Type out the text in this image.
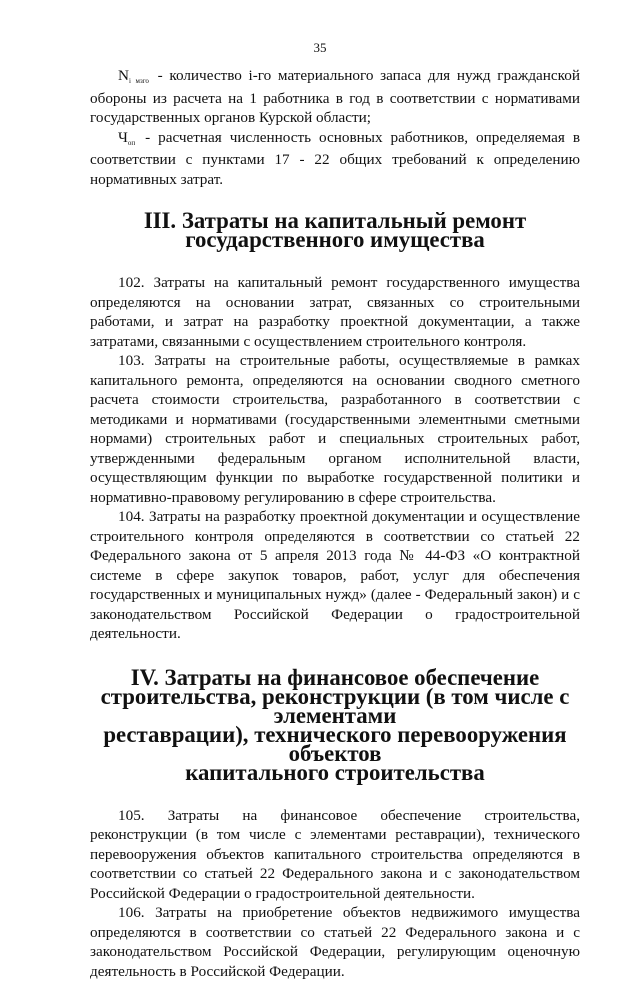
35

Ni мзго - количество i-го материального запаса для нужд гражданской обороны из расчета на 1 работника в год в соответствии с нормативами государственных органов Курской области;

Чоп - расчетная численность основных работников, определяемая в соответствии с пунктами 17 - 22 общих требований к определению нормативных затрат.

III. Затраты на капитальный ремонт
государственного имущества

102. Затраты на капитальный ремонт государственного имущества определяются на основании затрат, связанных со строительными работами, и затрат на разработку проектной документации, а также затратами, связанными с осуществлением строительного контроля.

103. Затраты на строительные работы, осуществляемые в рамках капитального ремонта, определяются на основании сводного сметного расчета стоимости строительства, разработанного в соответствии с методиками и нормативами (государственными элементными сметными нормами) строительных работ и специальных строительных работ, утвержденными федеральным органом исполнительной власти, осуществляющим функции по выработке государственной политики и нормативно-правовому регулированию в сфере строительства.

104. Затраты на разработку проектной документации и осуществление строительного контроля определяются в соответствии со статьей 22 Федерального закона от 5 апреля 2013 года № 44-ФЗ «О контрактной системе в сфере закупок товаров, работ, услуг для обеспечения государственных и муниципальных нужд» (далее - Федеральный закон) и с законодательством Российской Федерации о градостроительной деятельности.

IV. Затраты на финансовое обеспечение
строительства, реконструкции (в том числе с элементами
реставрации), технического перевооружения объектов
капитального строительства

105. Затраты на финансовое обеспечение строительства, реконструкции (в том числе с элементами реставрации), технического перевооружения объектов капитального строительства определяются в соответствии со статьей 22 Федерального закона и с законодательством Российской Федерации о градостроительной деятельности.

106. Затраты на приобретение объектов недвижимого имущества определяются в соответствии со статьей 22 Федерального закона и с законодательством Российской Федерации, регулирующим оценочную деятельность в Российской Федерации.
